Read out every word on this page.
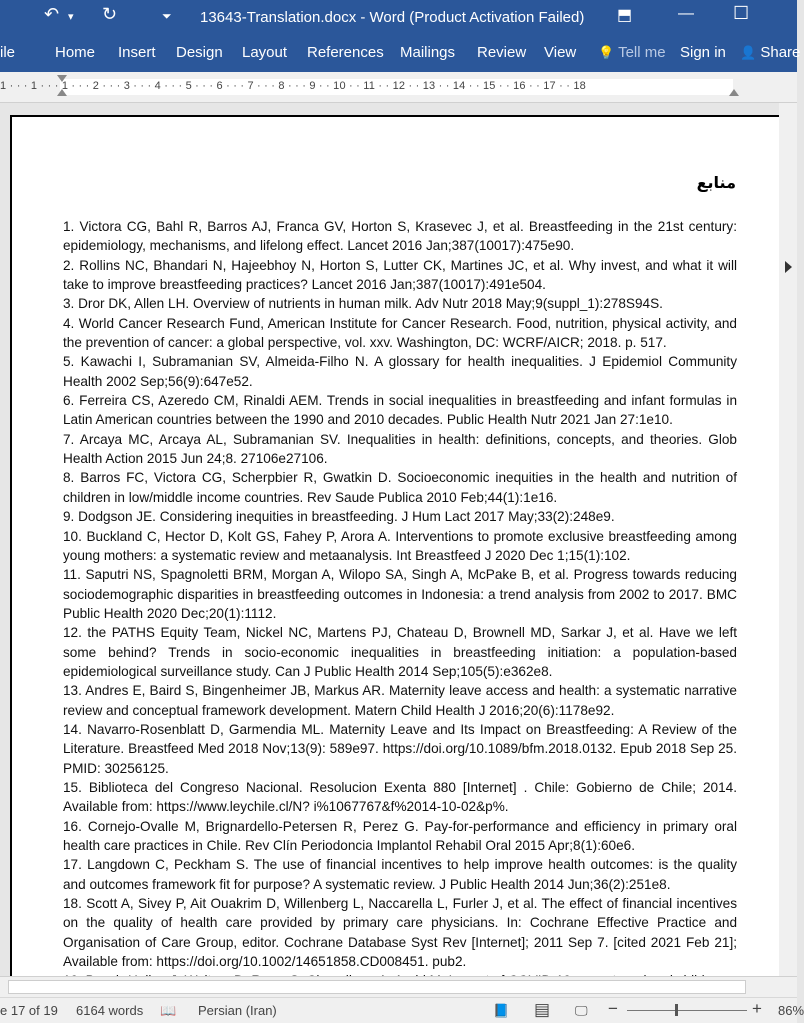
↶ ▾ ↻	⏷ 13643-Translation.docx - Word (Product Activation Failed) ⬒	— ☐
ile	Home Insert Design Layout References Mailings Review View 💡 Tell me Sign in 👤 Share
1 · · · 1 · · · 1 · · · 2 · · · 3 · · · 4 · · · 5 · · · 6 · · · 7 · · · 8 · · · 9 · · 10 · · 11 · · 12 · · 13 · · 14 · · 15 · · 16 · · 17 · · 18
منابع

1. Victora CG, Bahl R, Barros AJ, Franca GV, Horton S, Krasevec J, et al. Breastfeeding in the 21st century: epidemiology, mechanisms, and lifelong effect. Lancet 2016 Jan;387(10017):475e90.

2. Rollins NC, Bhandari N, Hajeebhoy N, Horton S, Lutter CK, Martines JC, et al. Why invest, and what it will take to improve breastfeeding practices? Lancet 2016 Jan;387(10017):491e504.

3. Dror DK, Allen LH. Overview of nutrients in human milk. Adv Nutr 2018 May;9(suppl_1):278S94S.

4. World Cancer Research Fund, American Institute for Cancer Research. Food, nutrition, physical activity, and the prevention of cancer: a global perspective, vol. xxv. Washington, DC: WCRF/AICR; 2018. p. 517.

5. Kawachi I, Subramanian SV, Almeida-Filho N. A glossary for health inequalities. J Epidemiol Community Health 2002 Sep;56(9):647e52.

6. Ferreira CS, Azeredo CM, Rinaldi AEM. Trends in social inequalities in breastfeeding and infant formulas in Latin American countries between the 1990 and 2010 decades. Public Health Nutr 2021 Jan 27:1e10.

7. Arcaya MC, Arcaya AL, Subramanian SV. Inequalities in health: definitions, concepts, and theories. Glob Health Action 2015 Jun 24;8. 27106e27106.

8. Barros FC, Victora CG, Scherpbier R, Gwatkin D. Socioeconomic inequities in the health and nutrition of children in low/middle income countries. Rev Saude Publica 2010 Feb;44(1):1e16.

9. Dodgson JE. Considering inequities in breastfeeding. J Hum Lact 2017 May;33(2):248e9.

10. Buckland C, Hector D, Kolt GS, Fahey P, Arora A. Interventions to promote exclusive breastfeeding among young mothers: a systematic review and metaanalysis. Int Breastfeed J 2020 Dec 1;15(1):102.

11. Saputri NS, Spagnoletti BRM, Morgan A, Wilopo SA, Singh A, McPake B, et al. Progress towards reducing sociodemographic disparities in breastfeeding outcomes in Indonesia: a trend analysis from 2002 to 2017. BMC Public Health 2020 Dec;20(1):1112.

12. the PATHS Equity Team, Nickel NC, Martens PJ, Chateau D, Brownell MD, Sarkar J, et al. Have we left some behind? Trends in socio-economic inequalities in breastfeeding initiation: a population-based epidemiological surveillance study. Can J Public Health 2014 Sep;105(5):e362e8.

13. Andres E, Baird S, Bingenheimer JB, Markus AR. Maternity leave access and health: a systematic narrative review and conceptual framework development. Matern Child Health J 2016;20(6):1178e92.

14. Navarro-Rosenblatt D, Garmendia ML. Maternity Leave and Its Impact on Breastfeeding: A Review of the Literature. Breastfeed Med 2018 Nov;13(9): 589e97. https://doi.org/10.1089/bfm.2018.0132. Epub 2018 Sep 25. PMID: 30256125.

15. Biblioteca del Congreso Nacional. Resolucion Exenta 880 [Internet] . Chile: Gobierno de Chile; 2014. Available from: https://www.leychile.cl/N? i%1067767&f%2014-10-02&p%.

16. Cornejo-Ovalle M, Brignardello-Petersen R, Perez G. Pay-for-performance and efficiency in primary oral health care practices in Chile. Rev Clín Periodoncia Implantol Rehabil Oral 2015 Apr;8(1):60e6.

17. Langdown C, Peckham S. The use of financial incentives to help improve health outcomes: is the quality and outcomes framework fit for purpose? A systematic review. J Public Health 2014 Jun;36(2):251e8.

18. Scott A, Sivey P, Ait Ouakrim D, Willenberg L, Naccarella L, Furler J, et al. The effect of financial incentives on the quality of health care provided by primary care physicians. In: Cochrane Effective Practice and Organisation of Care Group, editor. Cochrane Database Syst Rev [Internet]; 2011 Sep 7. [cited 2021 Feb 21]; Available from: https://doi.org/10.1002/14651858.CD008451. pub2.

e 17 of 19 6164 words 📖 Persian (Iran)	📘 ▤ 🖵 −	+ 86%
